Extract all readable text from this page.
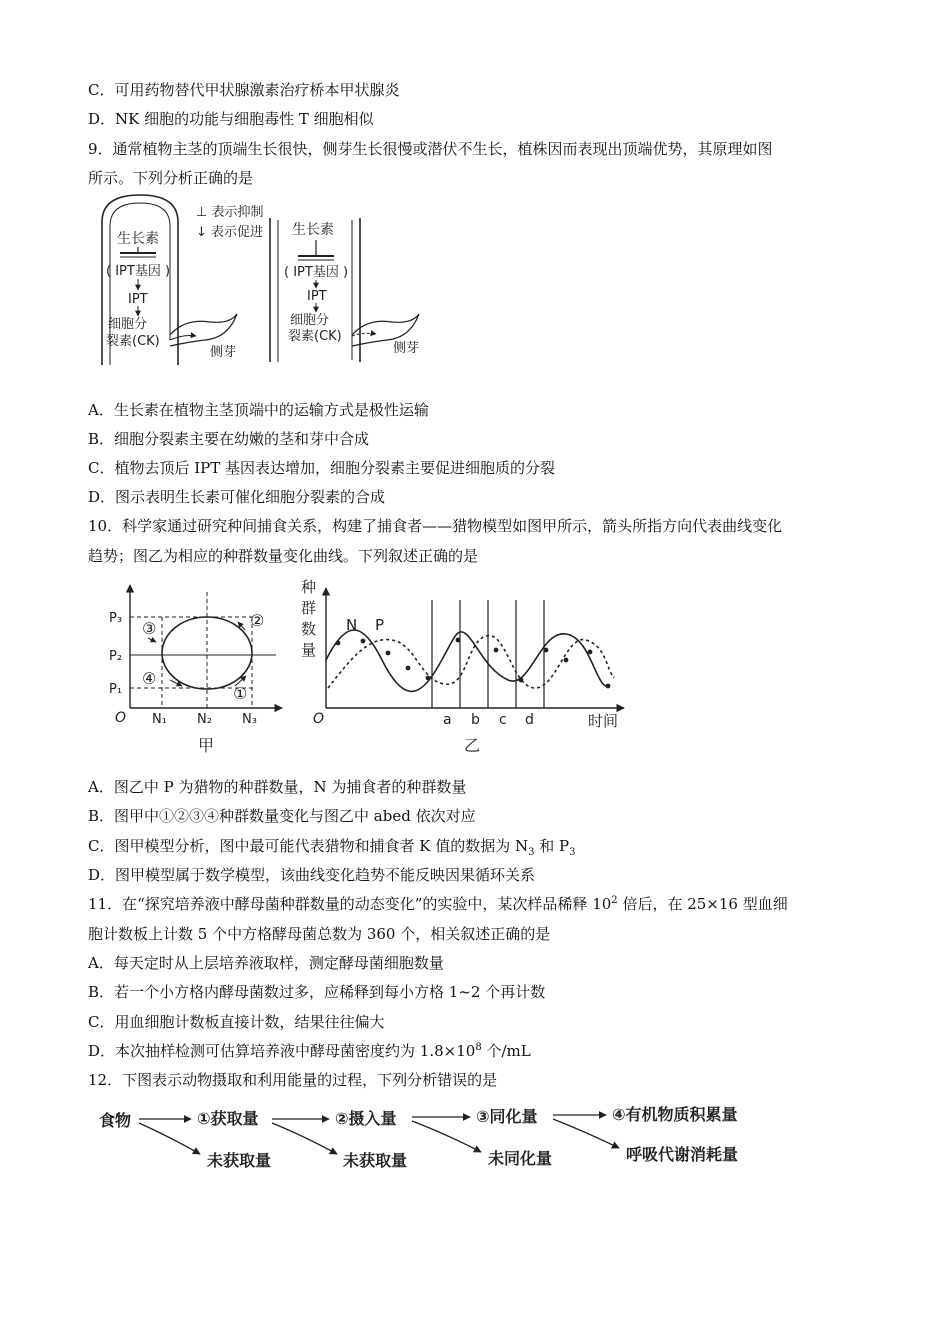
C．可用药物替代甲状腺激素治疗桥本甲状腺炎
D．NK 细胞的功能与细胞毒性 T 细胞相似
9．通常植物主茎的顶端生长很快，侧芽生长很慢或潜伏不生长，植株因而表现出顶端优势，其原理如图
所示。下列分析正确的是
生长素
( IPT基因 )
IPT
细胞分
裂素(CK)
侧芽
⊥ 表示抑制
↓ 表示促进 生长素
( IPT基因 )
IPT
细胞分
裂素(CK)
侧芽
P₃
P₂
P₁
O N₁ N₂ N₃
①
②
③
④
甲
种
群
数
量
N P
O	a b c d	时间
乙
食物	①获取量	②摄入量	③同化量	④有机物质积累量
未获取量	未获取量	未同化量	呼吸代谢消耗量
A．生长素在植物主茎顶端中的运输方式是极性运输
B．细胞分裂素主要在幼嫩的茎和芽中合成
C．植物去顶后 IPT 基因表达增加，细胞分裂素主要促进细胞质的分裂
D．图示表明生长素可催化细胞分裂素的合成
10．科学家通过研究种间捕食关系，构建了捕食者——猎物模型如图甲所示，箭头所指方向代表曲线变化
趋势；图乙为相应的种群数量变化曲线。下列叙述正确的是
A．图乙中 P 为猎物的种群数量，N 为捕食者的种群数量
B．图甲中①②③④种群数量变化与图乙中 abed 依次对应
C．图甲模型分析，图中最可能代表猎物和捕食者 K 值的数据为 $N_3$ 和 $P_3$
D．图甲模型属于数学模型，该曲线变化趋势不能反映因果循环关系
11．在“探究培养液中酵母菌种群数量的动态变化”的实验中，某次样品稀释 $10^2$ 倍后，在 25×16 型血细
胞计数板上计数 5 个中方格酵母菌总数为 360 个，相关叙述正确的是
A．每天定时从上层培养液取样，测定酵母菌细胞数量
B．若一个小方格内酵母菌数过多，应稀释到每小方格 1~2 个再计数
C．用血细胞计数板直接计数，结果往往偏大
D．本次抽样检测可估算培养液中酵母菌密度约为 $1.8\times 10^8$ 个/mL
12．下图表示动物摄取和利用能量的过程，下列分析错误的是
